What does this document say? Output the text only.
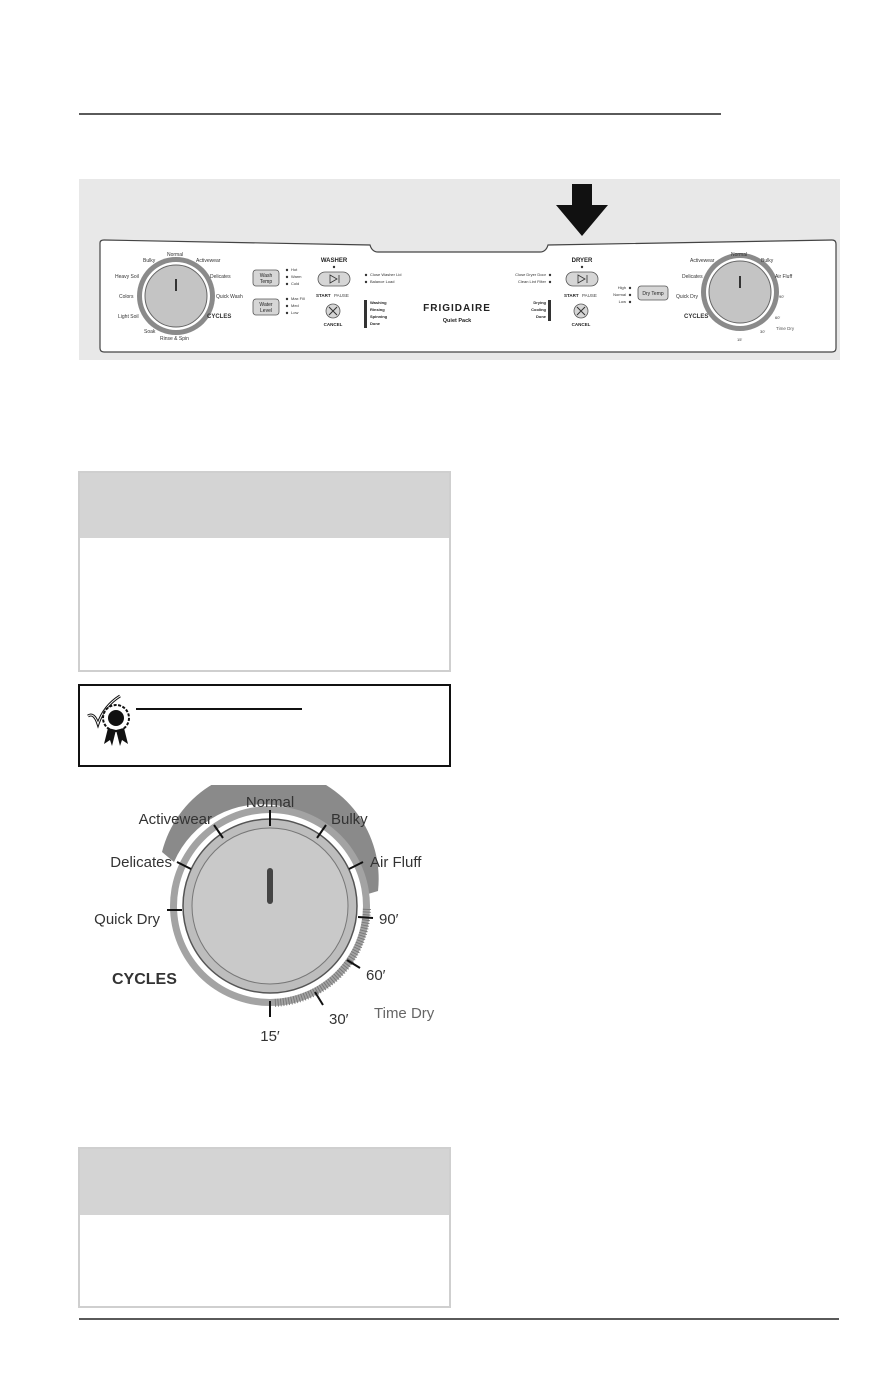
Bulky
Normal
Activewear
Heavy Soil	Delicates
Colors	Quick Wash
Light Soil
Soak
Rinse & Spin
CYCLES
Wash
Temp
Hot
Warm
Cold
Water
Level
Max Fill
Med
Low
WASHER
START PAUSE
CANCEL
Close Washer Lid
Balance Load
Washing
Rinsing
Spinning
Done
FRIGIDAIRE
Quiet Pack
Close Dryer Door
Clean Lint Filter
Drying
Cooling
Done
DRYER
START PAUSE
CANCEL
High
Normal
Low
Dry Temp
Activewear
Normal
Bulky
Delicates	Air Fluff
Quick Dry	90'
60'
30'
15'
CYCLES
Time Dry
Normal
Activewear	Bulky
Delicates	Air Fluff
Quick Dry	90′
60′
30′
15′
CYCLES
Time Dry
